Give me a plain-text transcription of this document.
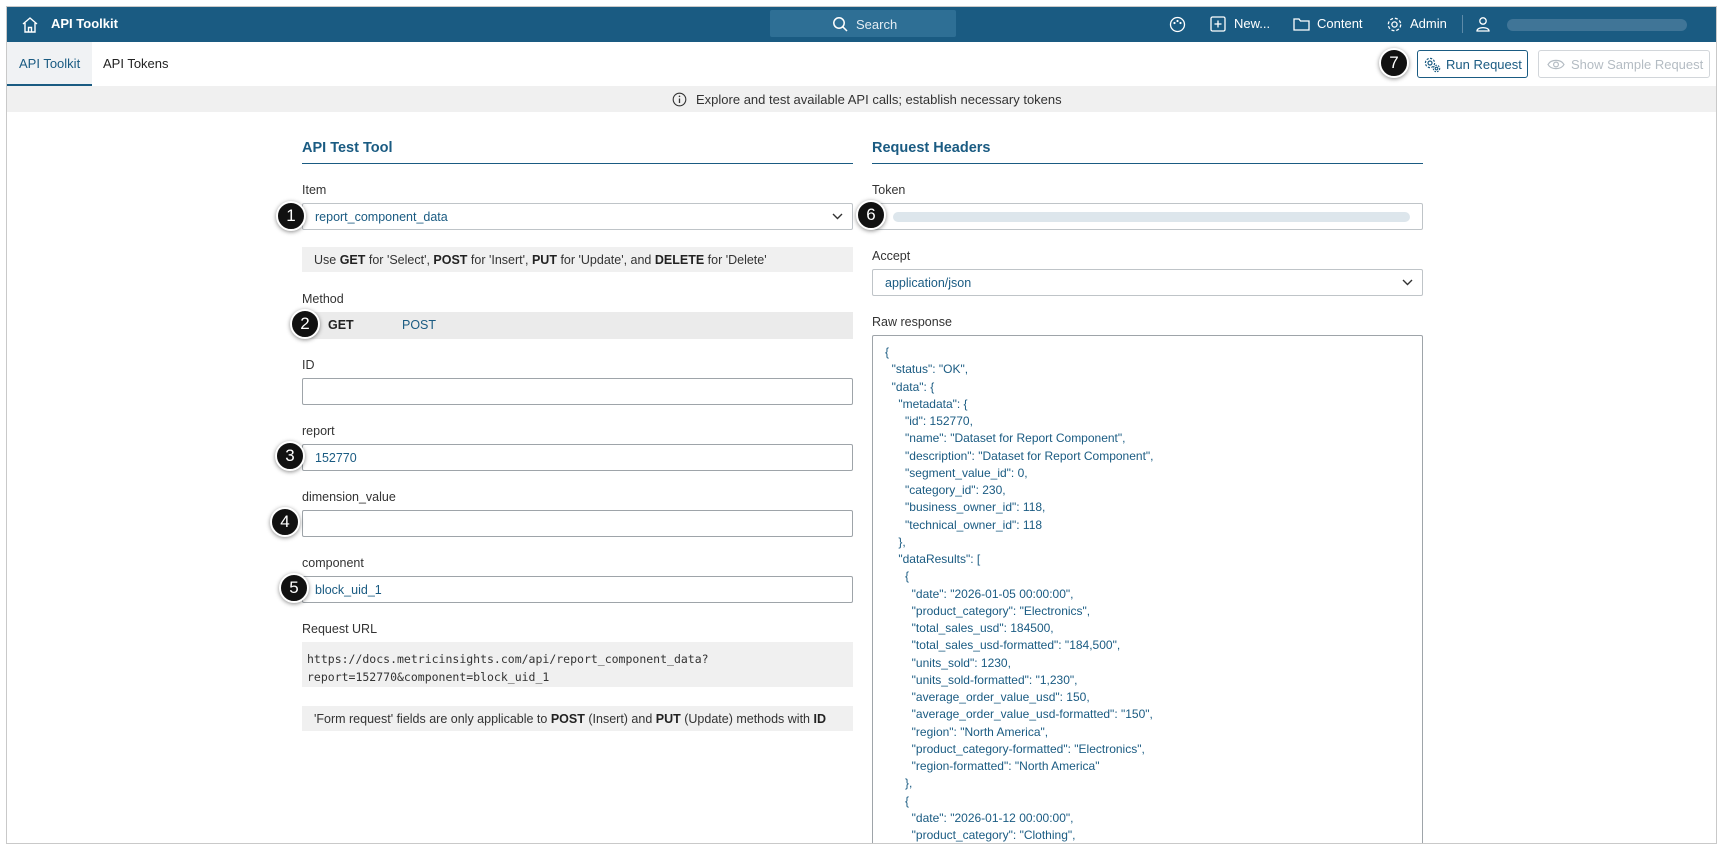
API Toolkit	Search	New...	Content	Admin
API Toolkit	API Tokens	Run Request	Show Sample Request
Explore and test available API calls; establish necessary tokens
API Test Tool
Item
report_component_data
Use GET for 'Select', POST for 'Insert', PUT for 'Update', and DELETE for 'Delete'
Method
GET	POST
ID
report
152770
dimension_value
component
block_uid_1
Request URL
https://docs.metricinsights.com/api/report_component_data?
report=152770&component=block_uid_1
'Form request' fields are only applicable to POST (Insert) and PUT (Update) methods with ID
Request Headers
Token
Accept
application/json
Raw response
{
"status": "OK",
"data": {
"metadata": {
"id": 152770,
"name": "Dataset for Report Component",
"description": "Dataset for Report Component",
"segment_value_id": 0,
"category_id": 230,
"business_owner_id": 118,
"technical_owner_id": 118
},
"dataResults": [
{
"date": "2026-01-05 00:00:00",
"product_category": "Electronics",
"total_sales_usd": 184500,
"total_sales_usd-formatted": "184,500",
"units_sold": 1230,
"units_sold-formatted": "1,230",
"average_order_value_usd": 150,
"average_order_value_usd-formatted": "150",
"region": "North America",
"product_category-formatted": "Electronics",
"region-formatted": "North America"
},
{
"date": "2026-01-12 00:00:00",
"product_category": "Clothing",
1
2
3
4
5
6
7
